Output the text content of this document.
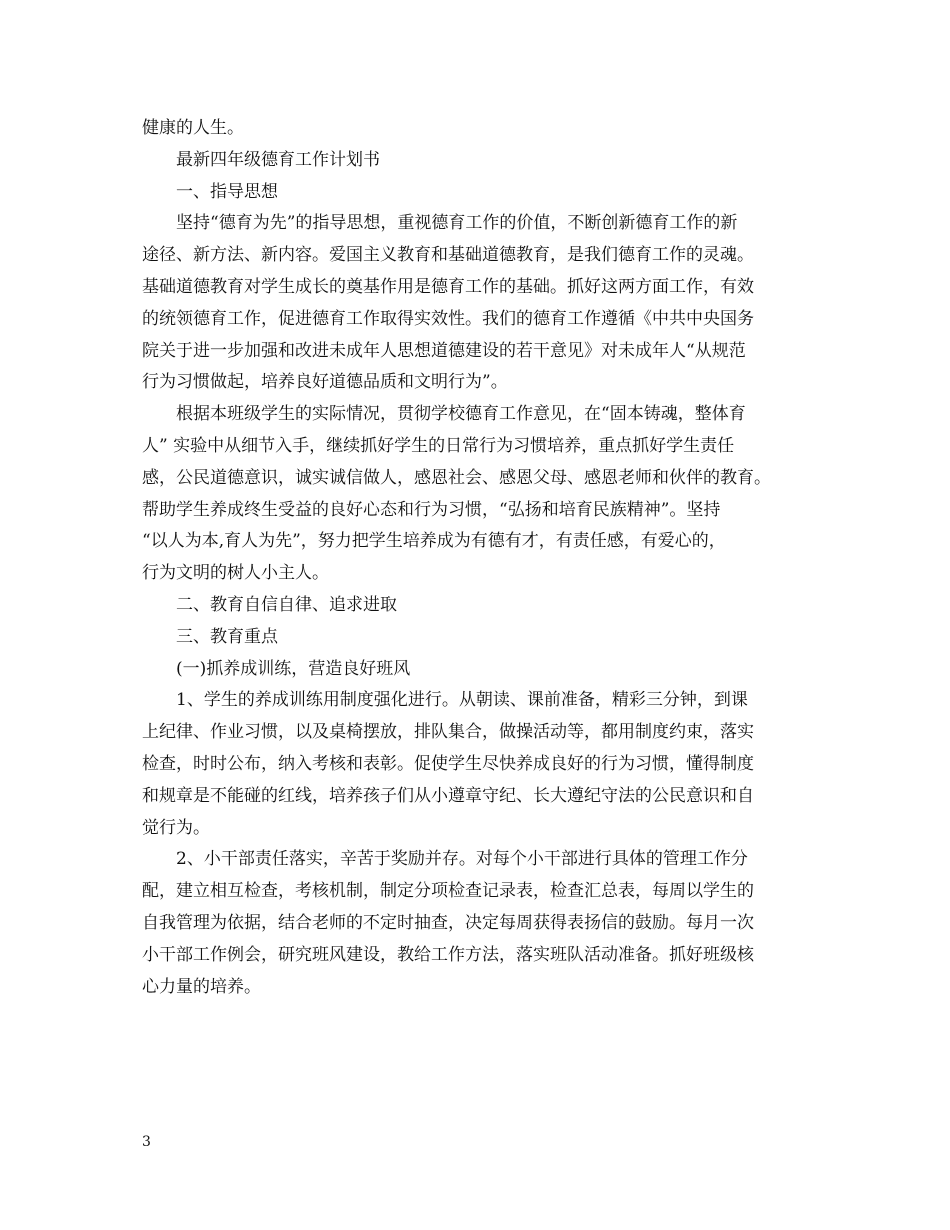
健康的人生。
最新四年级德育工作计划书
一、指导思想
坚持“德育为先”的指导思想，重视德育工作的价值，不断创新德育工作的新
途径、新方法、新内容。爱国主义教育和基础道德教育，是我们德育工作的灵魂。
基础道德教育对学生成长的奠基作用是德育工作的基础。抓好这两方面工作，有效
的统领德育工作，促进德育工作取得实效性。我们的德育工作遵循《中共中央国务
院关于进一步加强和改进未成年人思想道德建设的若干意见》对未成年人“从规范
行为习惯做起，培养良好道德品质和文明行为”。
根据本班级学生的实际情况，贯彻学校德育工作意见，在“固本铸魂，整体育
人” 实验中从细节入手，继续抓好学生的日常行为习惯培养，重点抓好学生责任
感，公民道德意识，诚实诚信做人，感恩社会、感恩父母、感恩老师和伙伴的教育。
帮助学生养成终生受益的良好心态和行为习惯，“弘扬和培育民族精神”。坚持
“以人为本,育人为先”，努力把学生培养成为有德有才，有责任感，有爱心的，
行为文明的树人小主人。
二、教育自信自律、追求进取
三、教育重点
(一)抓养成训练，营造良好班风
1、学生的养成训练用制度强化进行。从朝读、课前准备，精彩三分钟，到课
上纪律、作业习惯，以及桌椅摆放，排队集合，做操活动等，都用制度约束，落实
检查，时时公布，纳入考核和表彰。促使学生尽快养成良好的行为习惯，懂得制度
和规章是不能碰的红线，培养孩子们从小遵章守纪、长大遵纪守法的公民意识和自
觉行为。
2、小干部责任落实，辛苦于奖励并存。对每个小干部进行具体的管理工作分
配，建立相互检查，考核机制，制定分项检查记录表，检查汇总表，每周以学生的
自我管理为依据，结合老师的不定时抽查，决定每周获得表扬信的鼓励。每月一次
小干部工作例会，研究班风建设，教给工作方法，落实班队活动准备。抓好班级核
心力量的培养。
3
